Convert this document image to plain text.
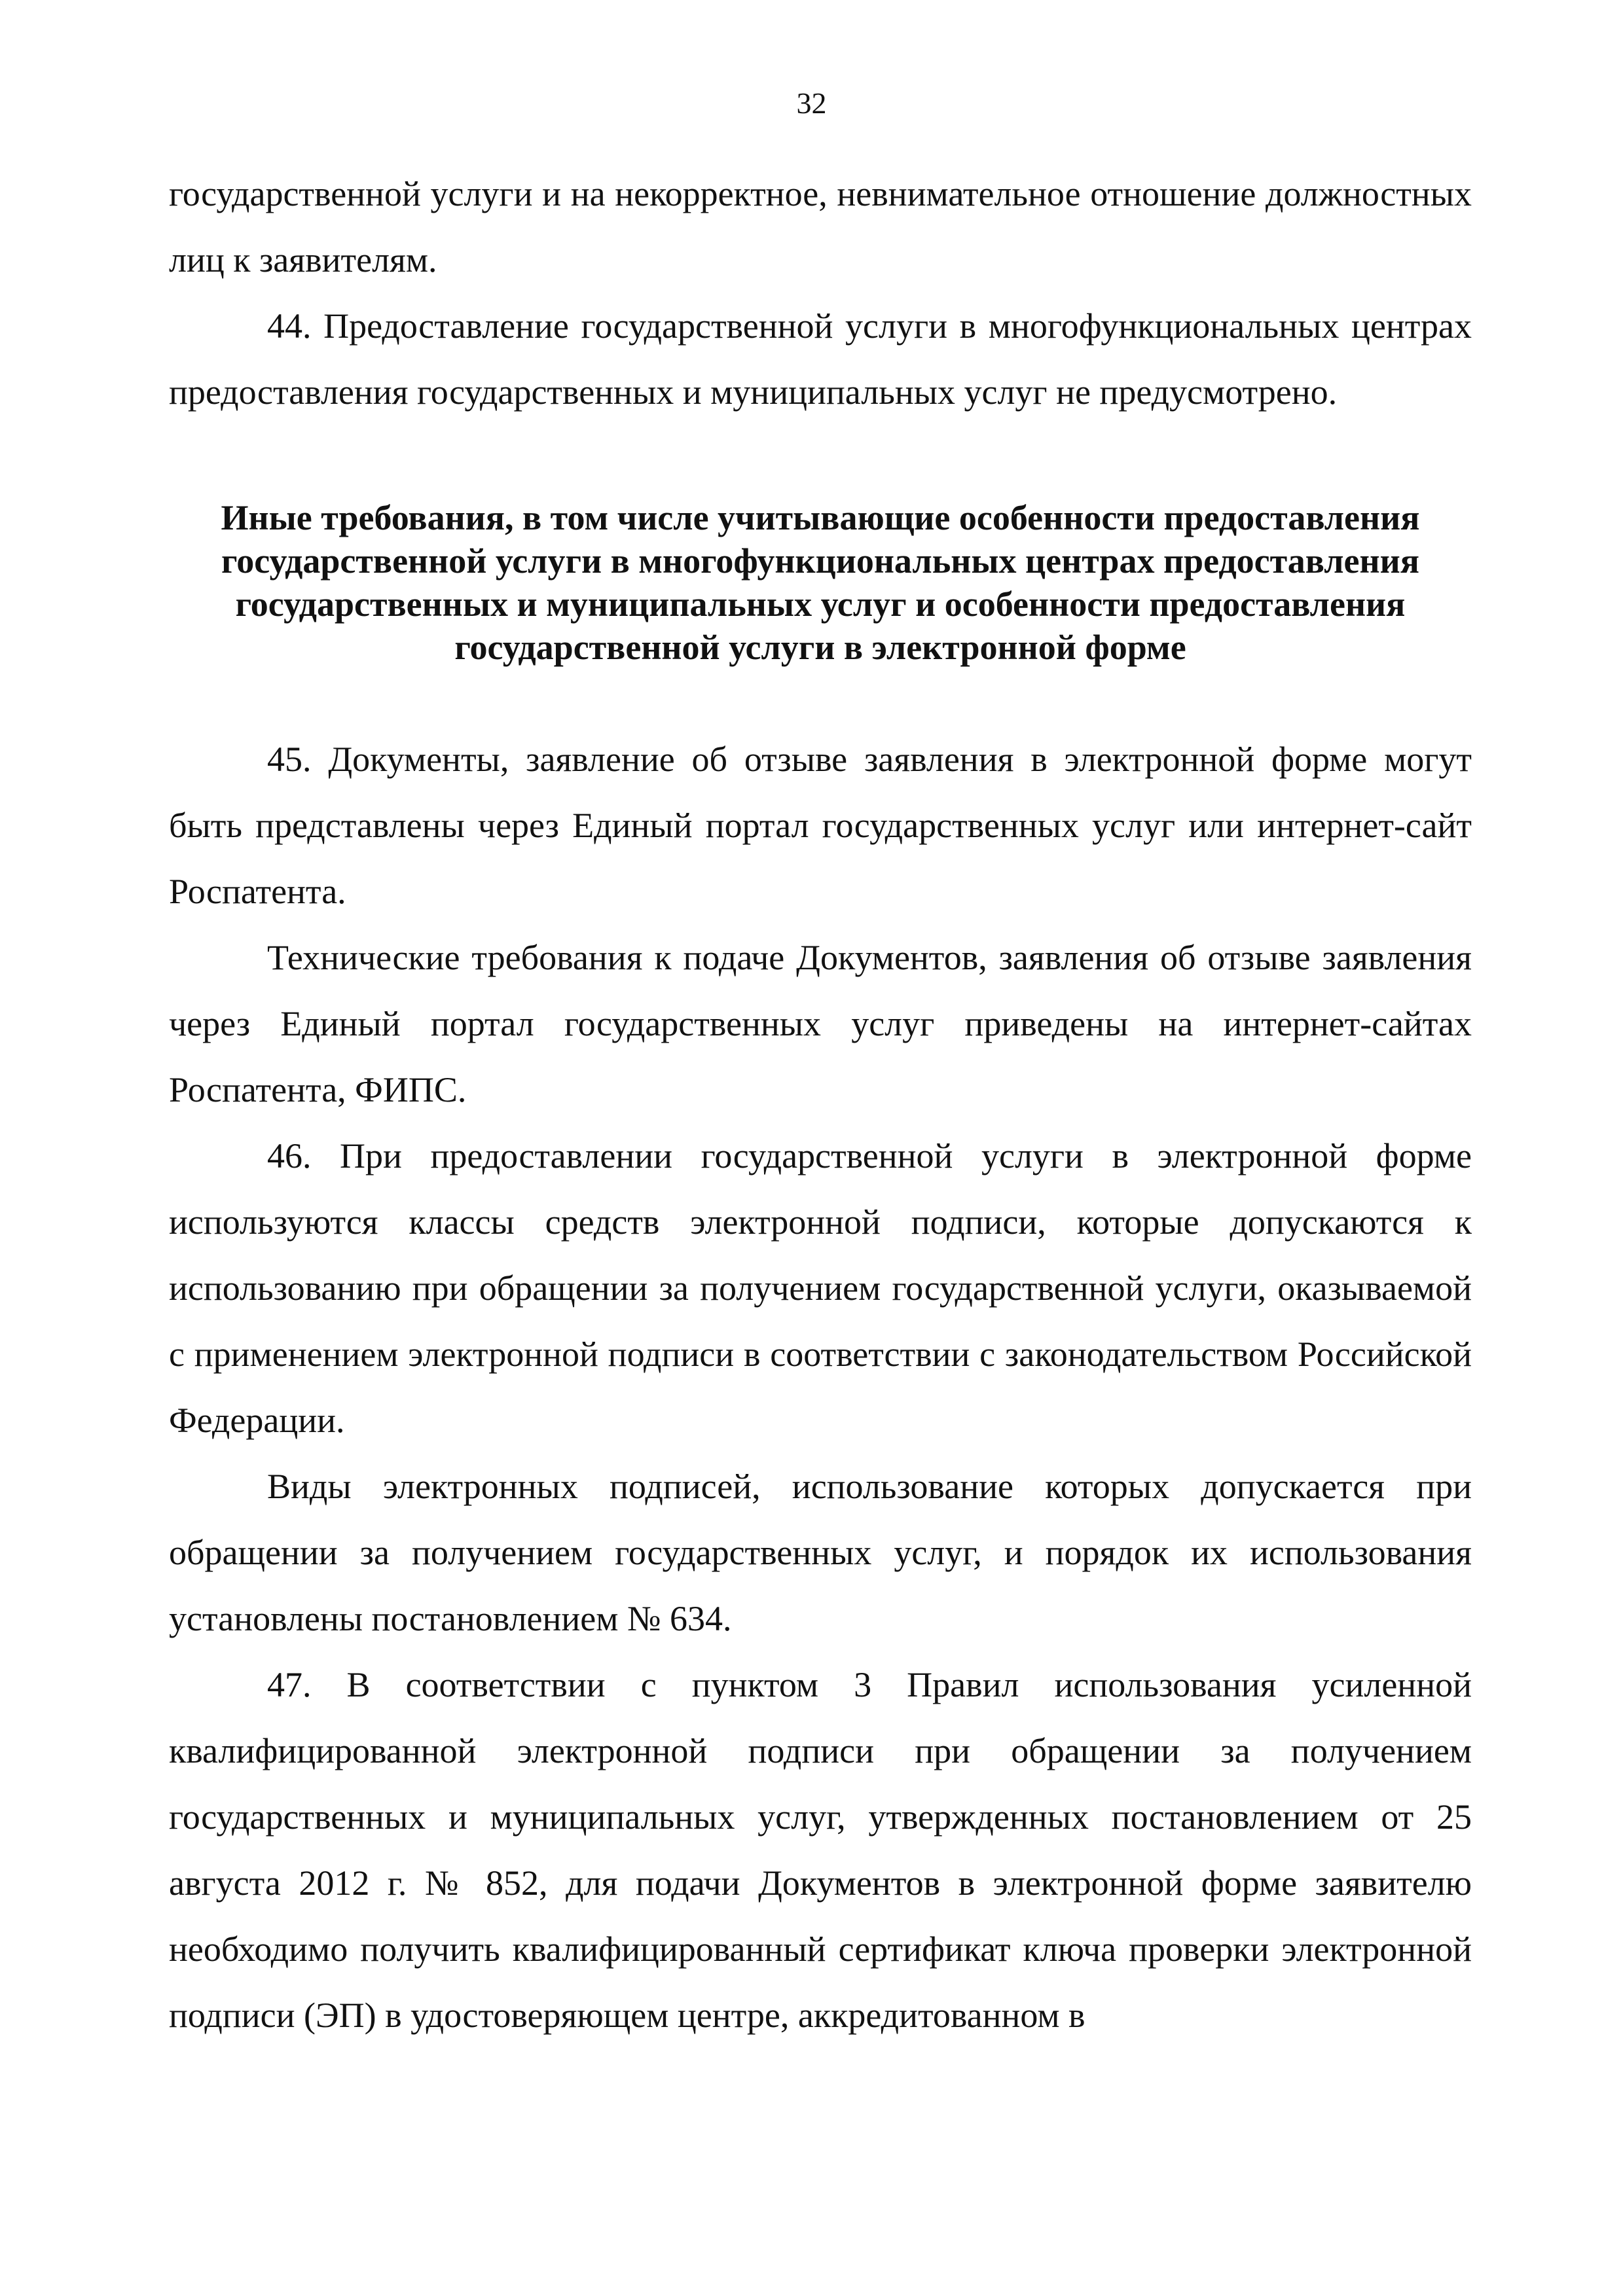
32

государственной услуги и на некорректное, невнимательное отношение должностных лиц к заявителям.

44. Предоставление государственной услуги в многофункциональных центрах предоставления государственных и муниципальных услуг не предусмотрено.

Иные требования, в том числе учитывающие особенности предоставления государственной услуги в многофункциональных центрах предоставления государственных и муниципальных услуг и особенности предоставления государственной услуги в электронной форме

45. Документы, заявление об отзыве заявления в электронной форме могут быть представлены через Единый портал государственных услуг или интернет-сайт Роспатента.

Технические требования к подаче Документов, заявления об отзыве заявления через Единый портал государственных услуг приведены на интернет-сайтах Роспатента, ФИПС.

46. При предоставлении государственной услуги в электронной форме используются классы средств электронной подписи, которые допускаются к использованию при обращении за получением государственной услуги, оказываемой с применением электронной подписи в соответствии с законодательством Российской Федерации.

Виды электронных подписей, использование которых допускается при обращении за получением государственных услуг, и порядок их использования установлены постановлением № 634.

47. В соответствии с пунктом 3 Правил использования усиленной квалифицированной электронной подписи при обращении за получением государственных и муниципальных услуг, утвержденных постановлением от 25 августа 2012 г. № 852, для подачи Документов в электронной форме заявителю необходимо получить квалифицированный сертификат ключа проверки электронной подписи (ЭП) в удостоверяющем центре, аккредитованном в
